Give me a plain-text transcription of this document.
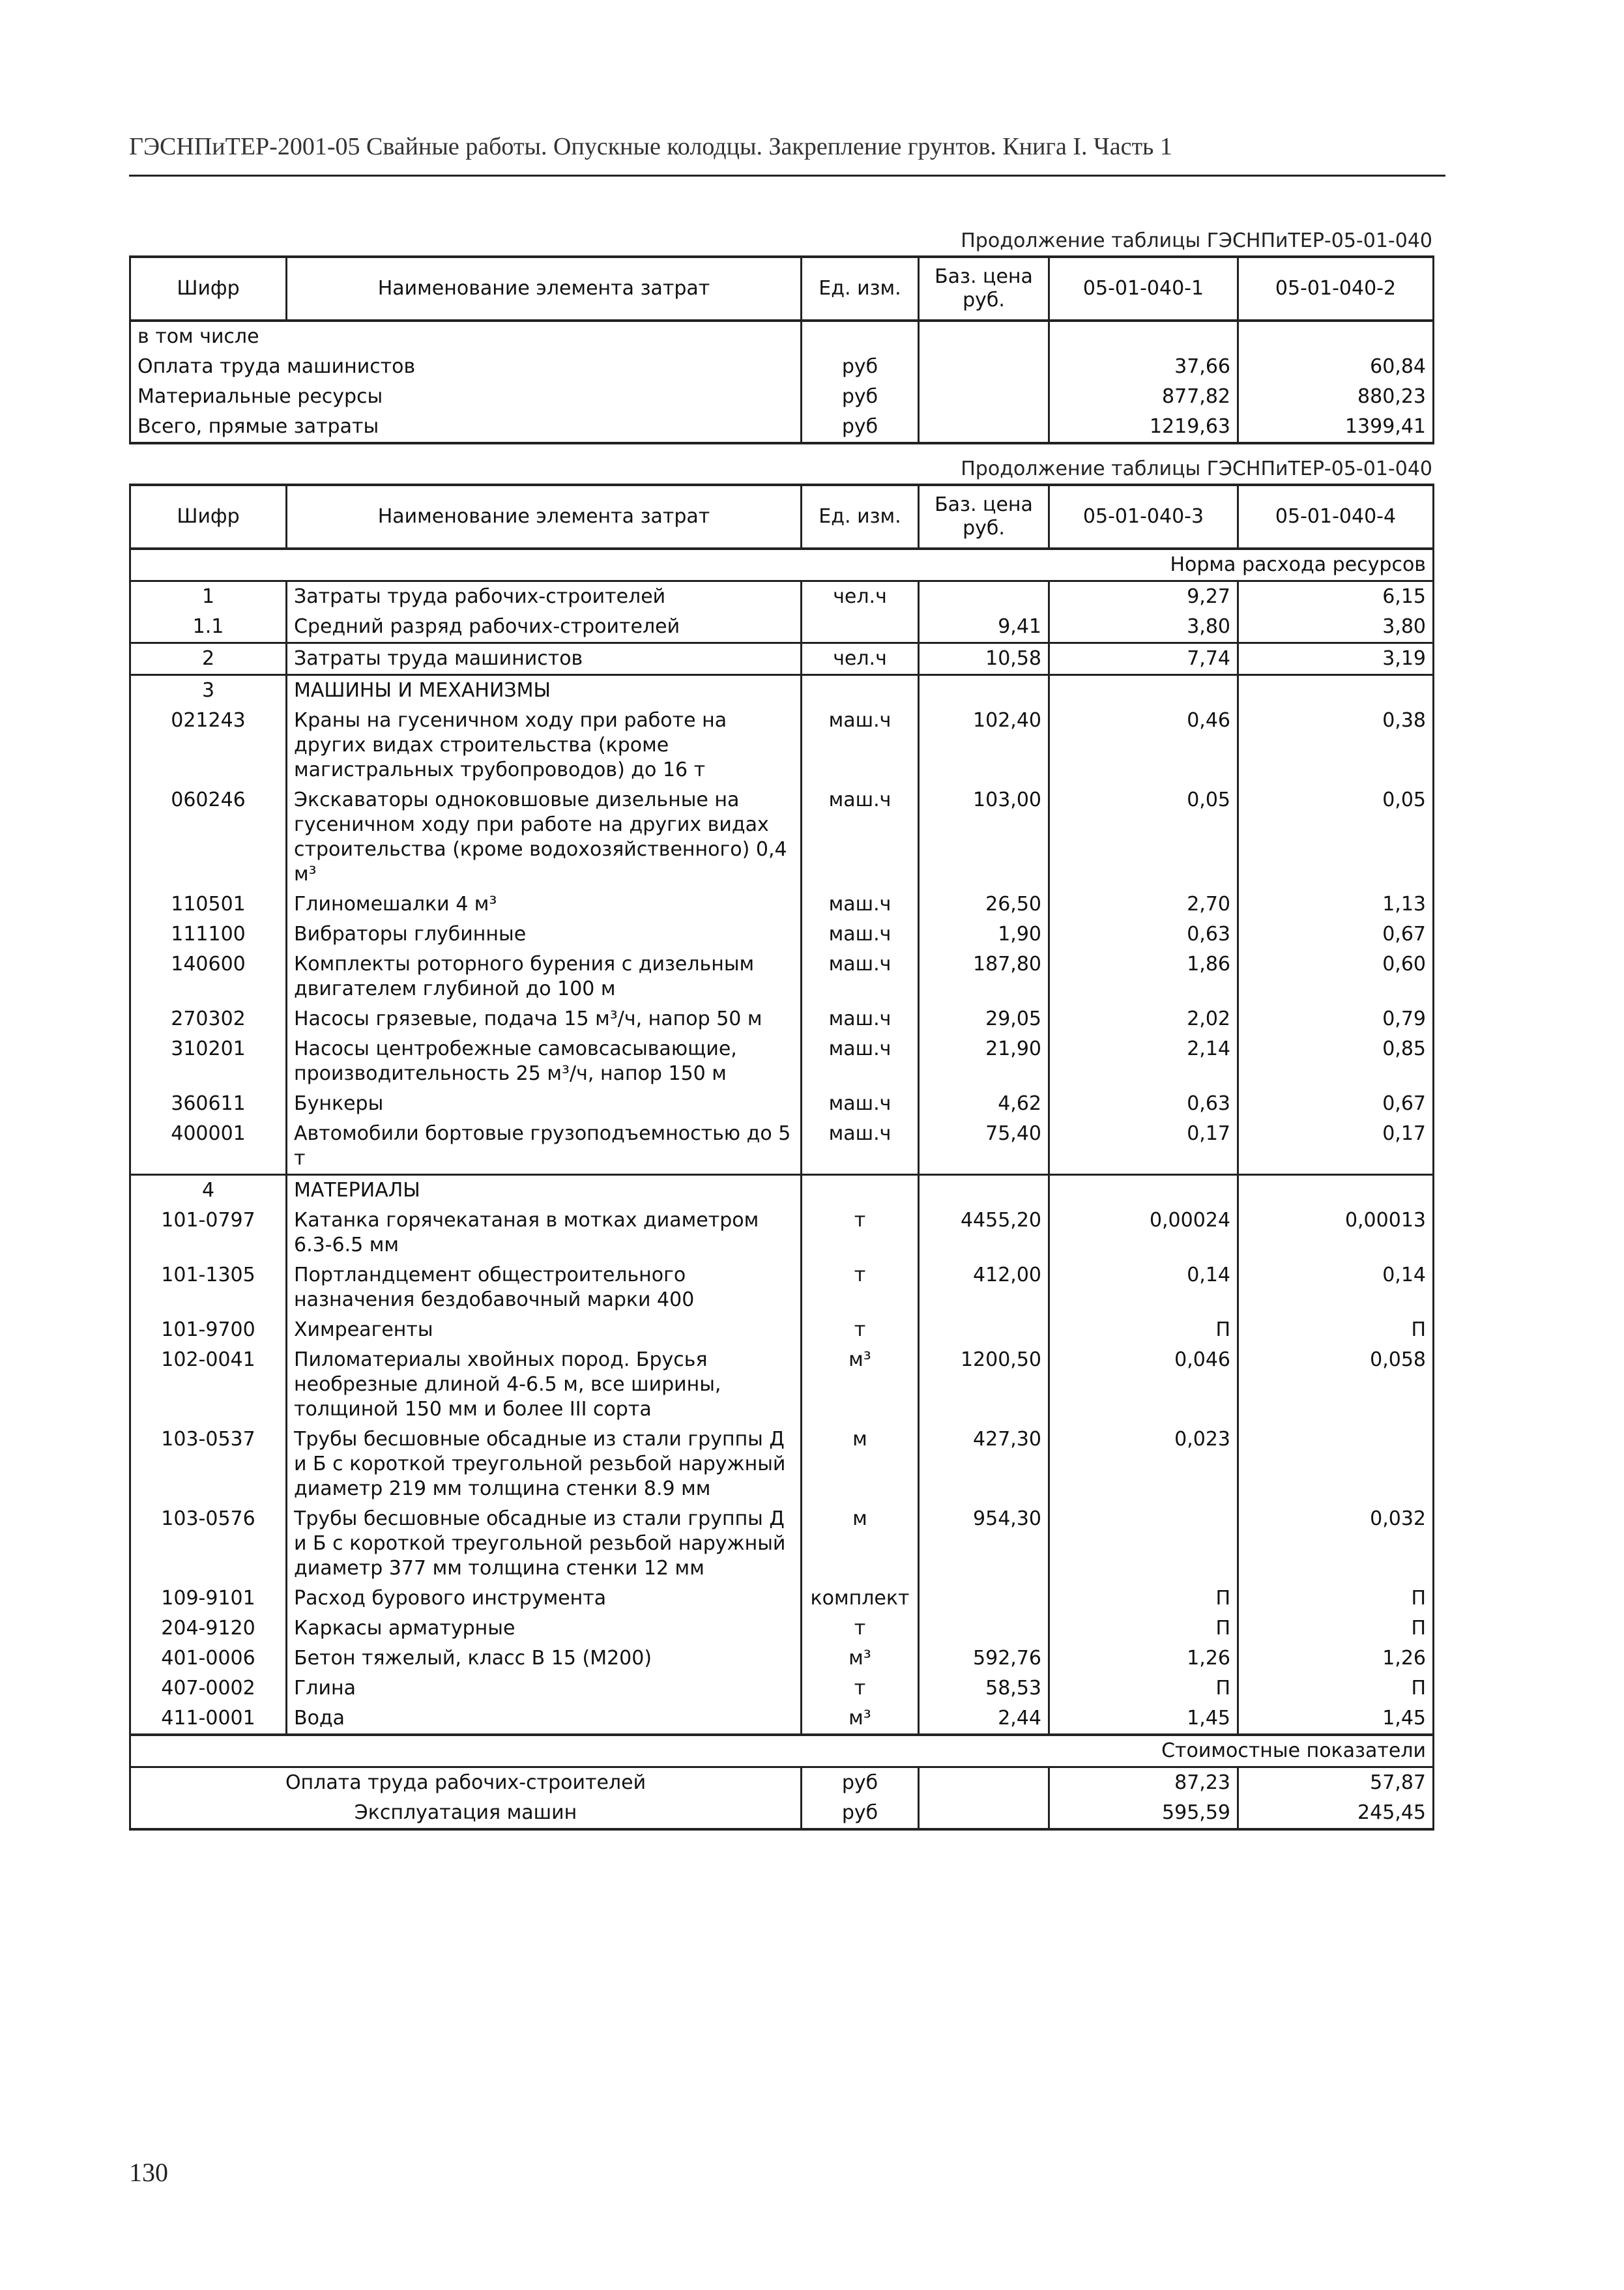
ГЭСНПиТЕР-2001-05 Свайные работы. Опускные колодцы. Закрепление грунтов. Книга I. Часть 1
Продолжение таблицы ГЭСНПиТЕР-05-01-040
Шифр	Наименование элемента затрат	Ед. изм.	Баз. цена руб.	05-01-040-1	05-01-040-2
в том числе					
Оплата труда машинистов		руб		37,66	60,84
Материальные ресурсы		руб		877,82	880,23
Всего, прямые затраты		руб		1219,63	1399,41
Продолжение таблицы ГЭСНПиТЕР-05-01-040
Шифр	Наименование элемента затрат	Ед. изм.	Баз. цена руб.	05-01-040-3	05-01-040-4
Норма расхода ресурсов					
1	Затраты труда рабочих-строителей	чел.ч		9,27	6,15
1.1	Средний разряд рабочих-строителей		9,41	3,80	3,80
2	Затраты труда машинистов	чел.ч	10,58	7,74	3,19
3	МАШИНЫ И МЕХАНИЗМЫ				
021243	Краны на гусеничном ходу при работе на других видах строительства (кроме магистральных трубопроводов) до 16 т	маш.ч	102,40	0,46	0,38
060246	Экскаваторы одноковшовые дизельные на гусеничном ходу при работе на других видах строительства (кроме водохозяйственного) 0,4 м³	маш.ч	103,00	0,05	0,05
110501	Глиномешалки 4 м³	маш.ч	26,50	2,70	1,13
111100	Вибраторы глубинные	маш.ч	1,90	0,63	0,67
140600	Комплекты роторного бурения с дизельным двигателем глубиной до 100 м	маш.ч	187,80	1,86	0,60
270302	Насосы грязевые, подача 15 м³/ч, напор 50 м	маш.ч	29,05	2,02	0,79
310201	Насосы центробежные самовсасывающие, производительность 25 м³/ч, напор 150 м	маш.ч	21,90	2,14	0,85
360611	Бункеры	маш.ч	4,62	0,63	0,67
400001	Автомобили бортовые грузоподъемностью до 5 т	маш.ч	75,40	0,17	0,17
4	МАТЕРИАЛЫ				
101-0797	Катанка горячекатаная в мотках диаметром 6.3-6.5 мм	т	4455,20	0,00024	0,00013
101-1305	Портландцемент общестроительного назначения бездобавочный марки 400	т	412,00	0,14	0,14
101-9700	Химреагенты	т		П	П
102-0041	Пиломатериалы хвойных пород. Брусья необрезные длиной 4-6.5 м, все ширины, толщиной 150 мм и более III сорта	м³	1200,50	0,046	0,058
103-0537	Трубы бесшовные обсадные из стали группы Д и Б с короткой треугольной резьбой наружный диаметр 219 мм толщина стенки 8.9 мм	м	427,30	0,023	
103-0576	Трубы бесшовные обсадные из стали группы Д и Б с короткой треугольной резьбой наружный диаметр 377 мм толщина стенки 12 мм	м	954,30		0,032
109-9101	Расход бурового инструмента	комплект		П	П
204-9120	Каркасы арматурные	т		П	П
401-0006	Бетон тяжелый, класс В 15 (М200)	м³	592,76	1,26	1,26
407-0002	Глина	т	58,53	П	П
411-0001	Вода	м³	2,44	1,45	1,45
Стоимостные показатели					
Оплата труда рабочих-строителей		руб		87,23	57,87
Эксплуатация машин		руб		595,59	245,45
130
